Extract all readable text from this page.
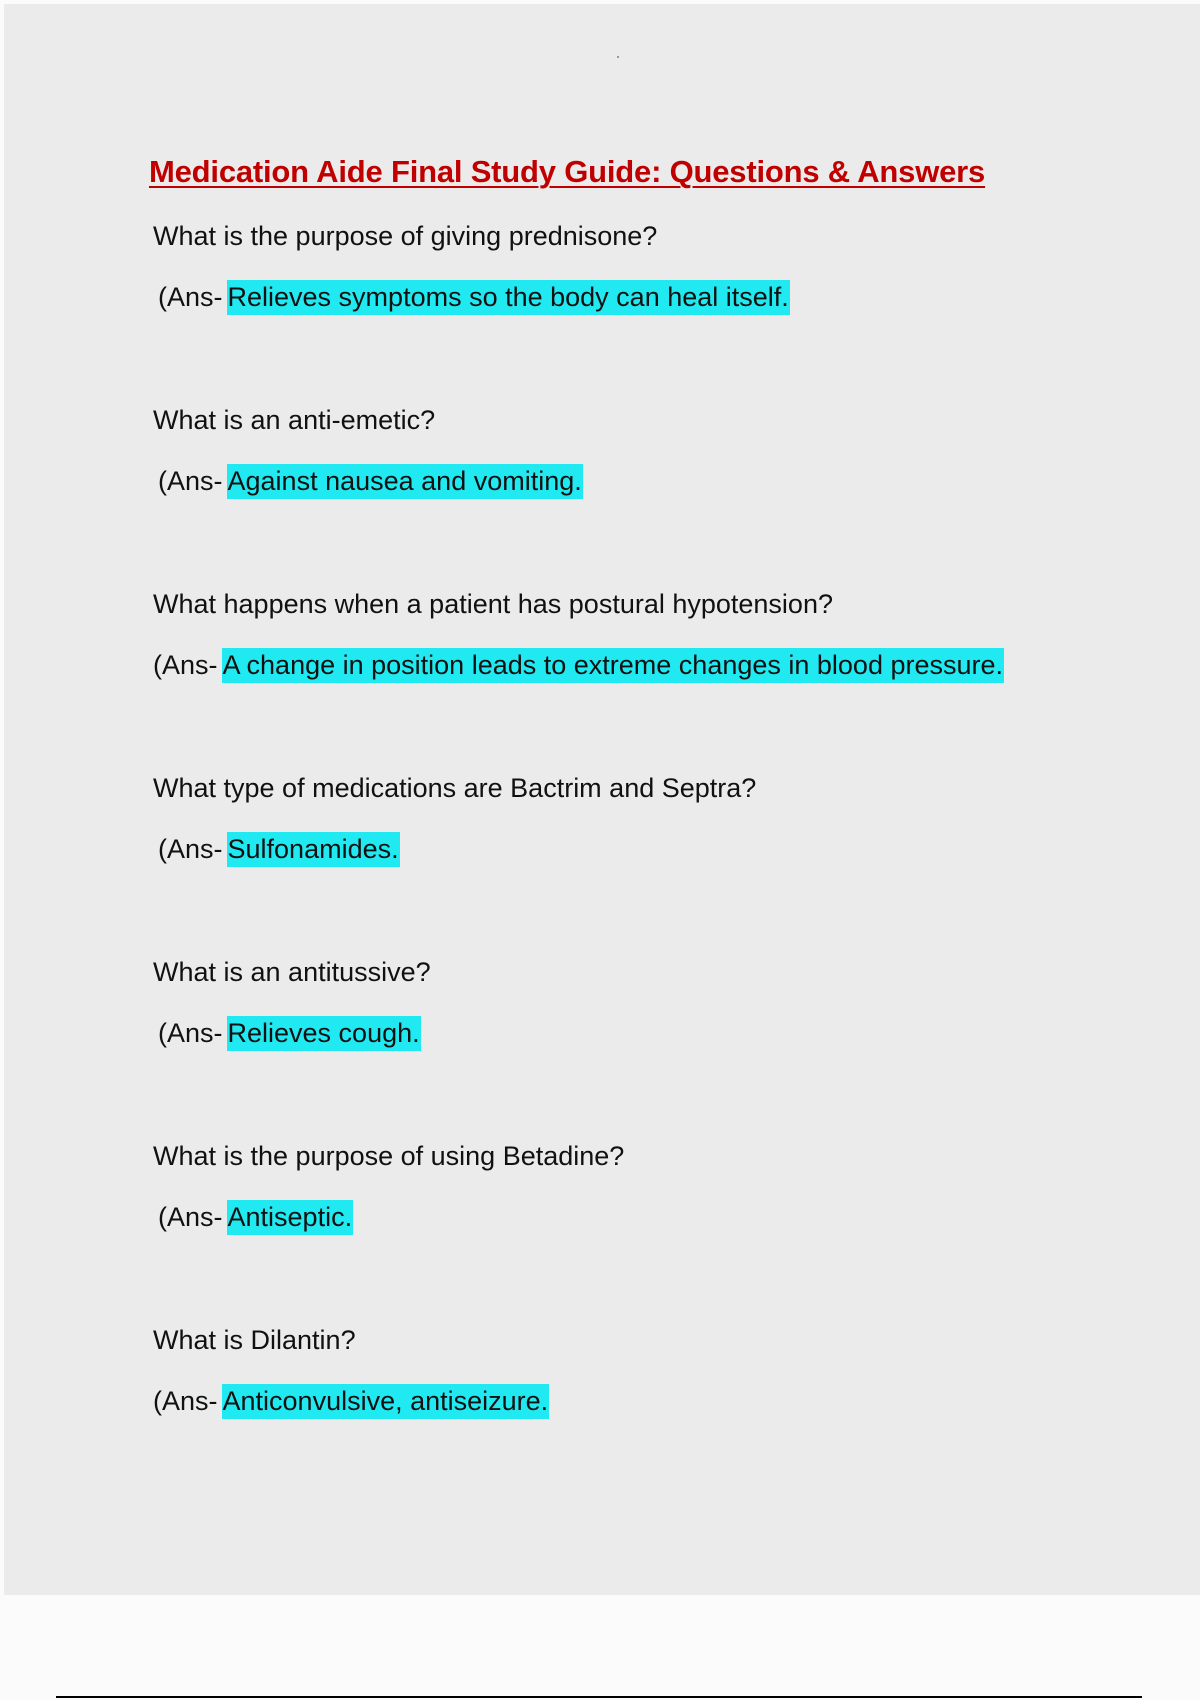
Medication Aide Final Study Guide: Questions & Answers
What is the purpose of giving prednisone?
(Ans- Relieves symptoms so the body can heal itself.
What is an anti-emetic?
(Ans- Against nausea and vomiting.
What happens when a patient has postural hypotension?
(Ans- A change in position leads to extreme changes in blood pressure.
What type of medications are Bactrim and Septra?
(Ans- Sulfonamides.
What is an antitussive?
(Ans- Relieves cough.
What is the purpose of using Betadine?
(Ans- Antiseptic.
What is Dilantin?
(Ans- Anticonvulsive, antiseizure.
